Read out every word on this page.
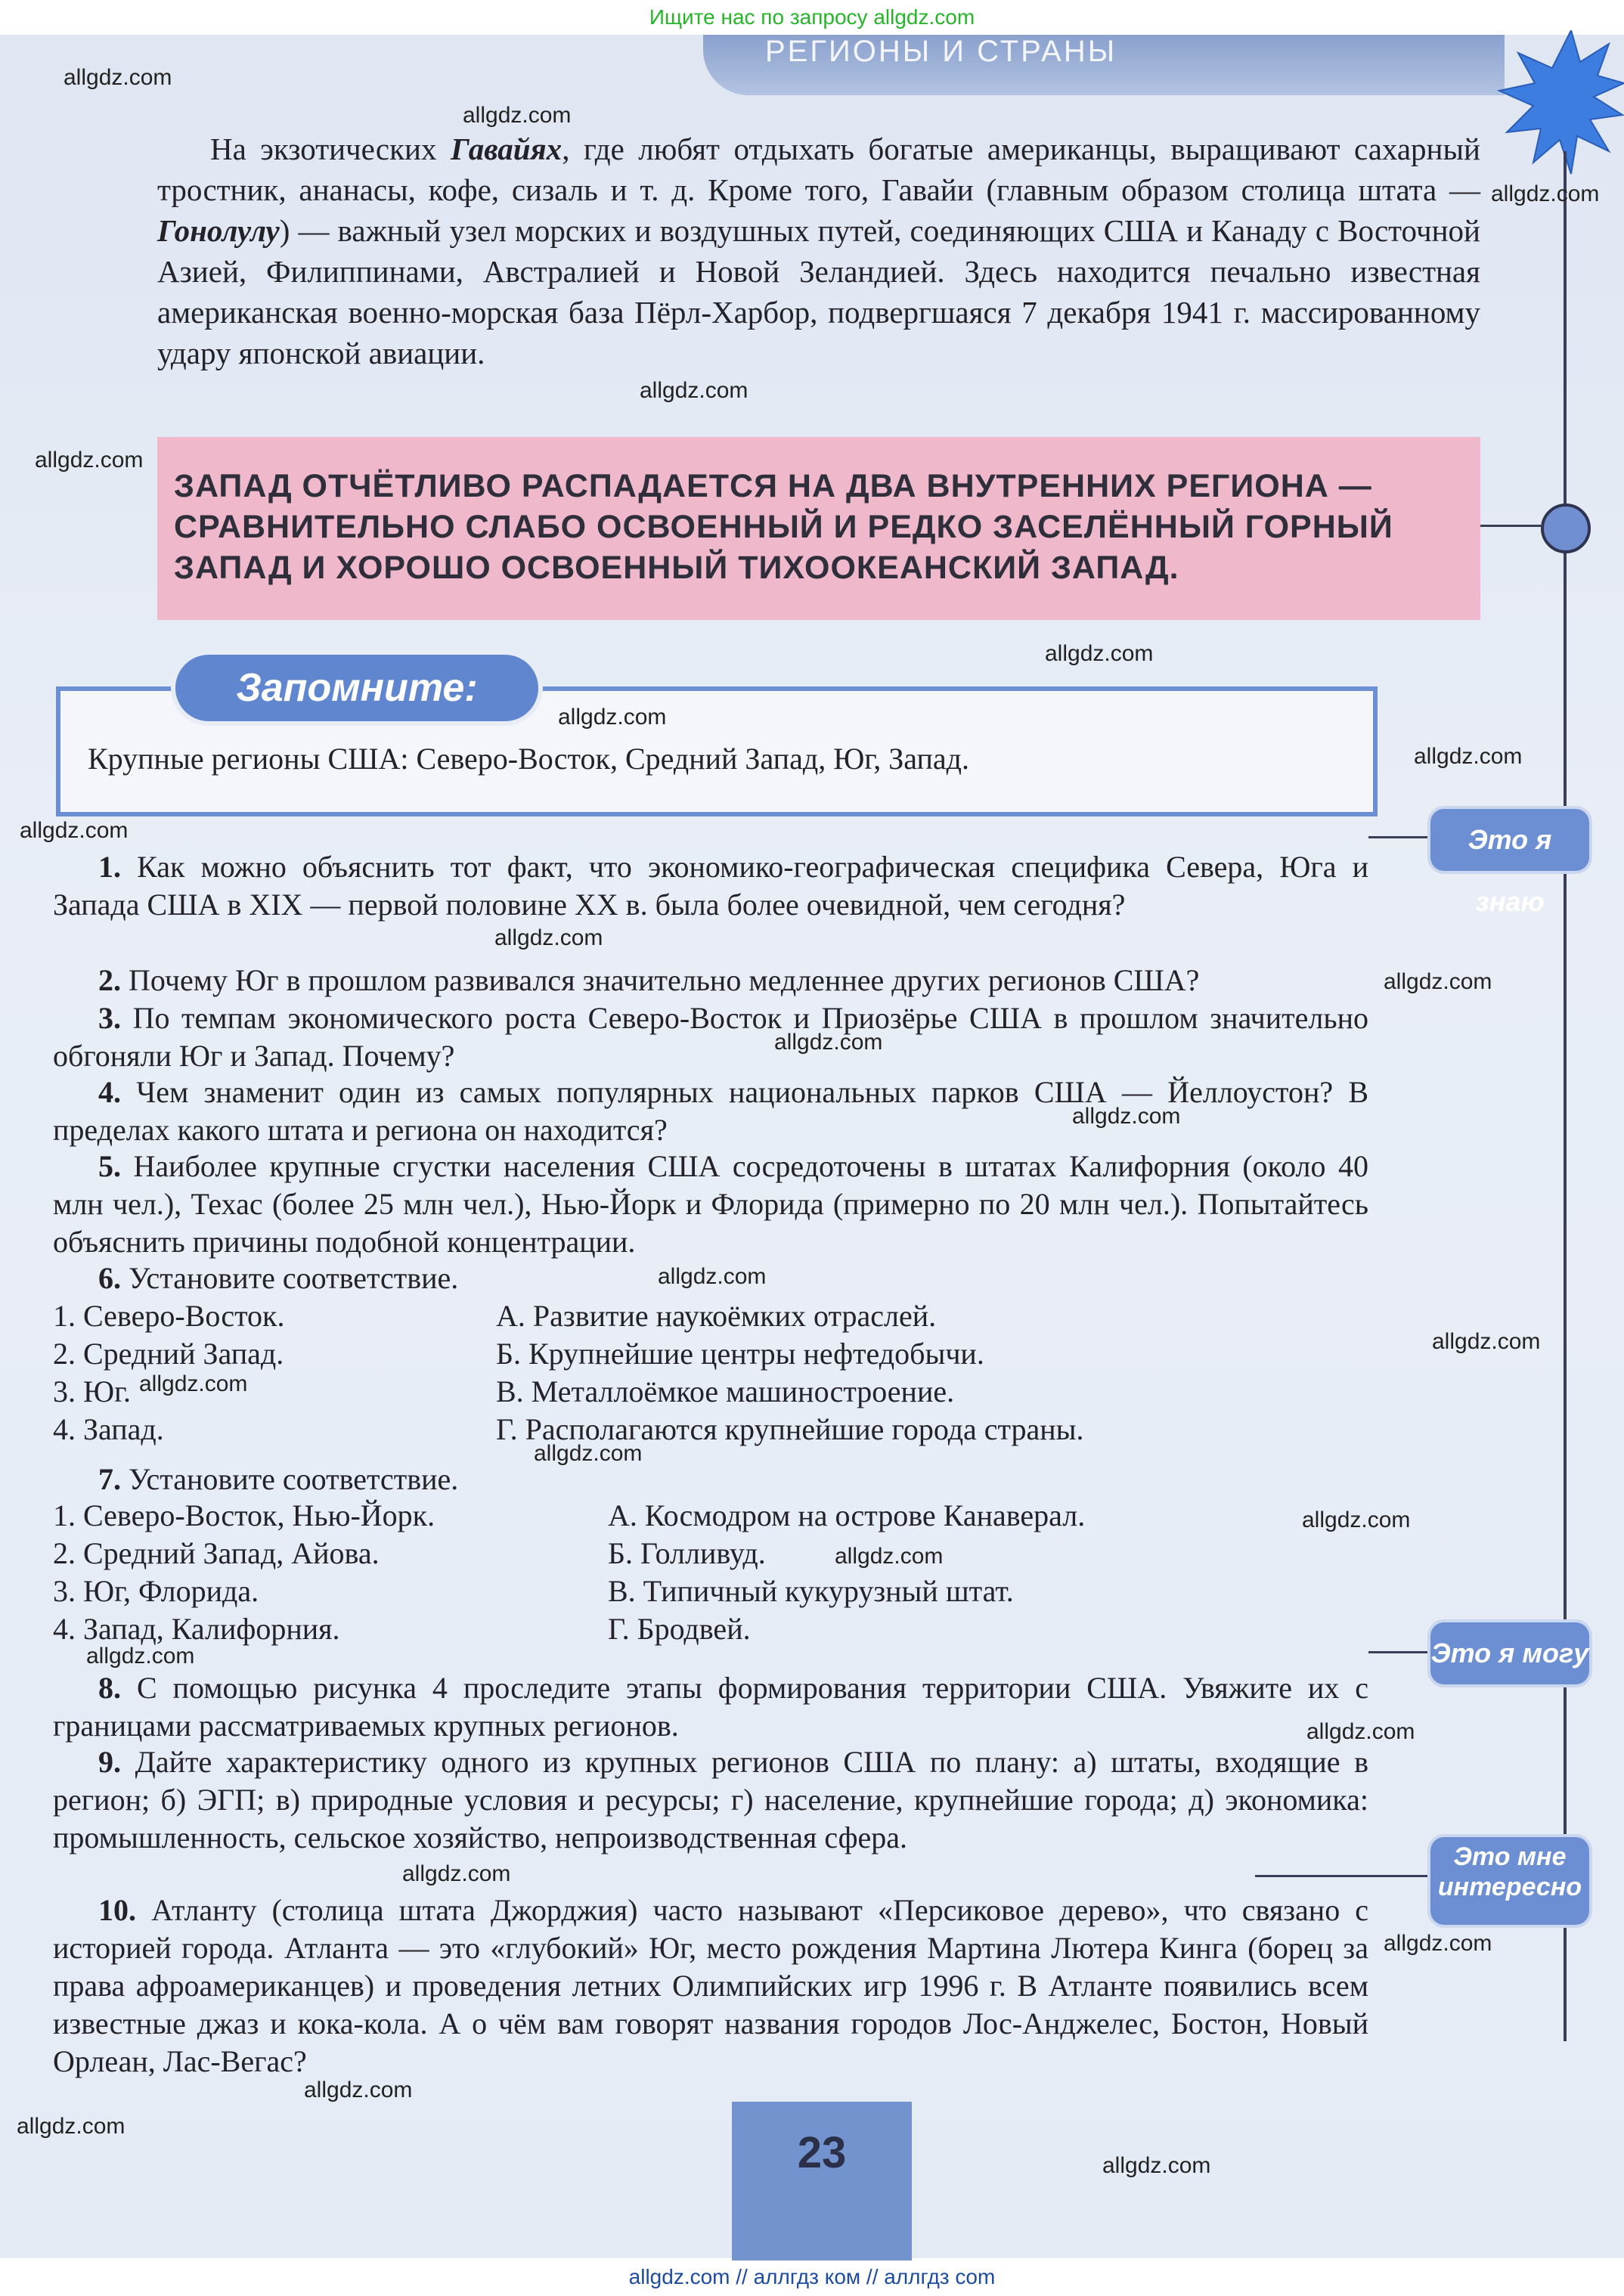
Ищите нас по запросу allgdz.com
allgdz.com // аллгдз ком // аллгдз com
РЕГИОНЫ И СТРАНЫ
Это я знаю
Это я могу
Это мне
интересно
На экзотических Гавайях, где любят отдыхать богатые американцы, выращивают сахарный тростник, ананасы, кофе, сизаль и т. д. Кроме того, Гавайи (главным образом столица штата — Гонолулу) — важный узел морских и воздушных путей, соединяющих США и Канаду с Восточной Азией, Филиппинами, Австралией и Новой Зеландией. Здесь находится печально известная американская военно-морская база Пёрл-Харбор, подвергшаяся 7 декабря 1941 г. массированному удару японской авиации.
ЗАПАД ОТЧЁТЛИВО РАСПАДАЕТСЯ НА ДВА ВНУТРЕННИХ РЕГИОНА — СРАВНИТЕЛЬНО СЛАБО ОСВОЕННЫЙ И РЕДКО ЗАСЕЛЁННЫЙ ГОРНЫЙ ЗАПАД И ХОРОШО ОСВОЕННЫЙ ТИХООКЕАНСКИЙ ЗАПАД.
Крупные регионы США: Северо-Восток, Средний Запад, Юг, Запад.
Запомните:
1. Как можно объяснить тот факт, что экономико-географическая специфика Севера, Юга и Запада США в XIX — первой половине XX в. была более очевидной, чем сегодня?
2. Почему Юг в прошлом развивался значительно медленнее других регионов США?
3. По темпам экономического роста Северо-Восток и Приозёрье США в прошлом значительно обгоняли Юг и Запад. Почему?
4. Чем знаменит один из самых популярных национальных парков США — Йеллоустон? В пределах какого штата и региона он находится?
5. Наиболее крупные сгустки населения США сосредоточены в штатах Калифорния (около 40 млн чел.), Техас (более 25 млн чел.), Нью-Йорк и Флорида (примерно по 20 млн чел.). Попытайтесь объяснить причины подобной концентрации.
6. Установите соответствие.
1. Северо-Восток.
2. Средний Запад.
3. Юг.
4. Запад.
А. Развитие наукоёмких отраслей.
Б. Крупнейшие центры нефтедобычи.
В. Металлоёмкое машиностроение.
Г. Располагаются крупнейшие города страны.
7. Установите соответствие.
1. Северо-Восток, Нью-Йорк.
2. Средний Запад, Айова.
3. Юг, Флорида.
4. Запад, Калифорния.
А. Космодром на острове Канаверал.
Б. Голливуд.
В. Типичный кукурузный штат.
Г. Бродвей.
8. С помощью рисунка 4 проследите этапы формирования территории США. Увяжите их с границами рассматриваемых крупных регионов.
9. Дайте характеристику одного из крупных регионов США по плану: а) штаты, входящие в регион; б) ЭГП; в) природные условия и ресурсы; г) население, крупнейшие города; д) экономика: промышленность, сельское хозяйство, непроизводственная сфера.
10. Атланту (столица штата Джорджия) часто называют «Персиковое дерево», что связано с историей города. Атланта — это «глубокий» Юг, место рождения Мартина Лютера Кинга (борец за права афроамериканцев) и проведения летних Олимпийских игр 1996 г. В Атланте появились всем известные джаз и кока-кола. А о чём вам говорят названия городов Лос-Анджелес, Бостон, Новый Орлеан, Лас-Вегас?
23
allgdz.com
allgdz.com
allgdz.com
allgdz.com
allgdz.com
allgdz.com
allgdz.com
allgdz.com
allgdz.com
allgdz.com
allgdz.com
allgdz.com
allgdz.com
allgdz.com
allgdz.com
allgdz.com
allgdz.com
allgdz.com
allgdz.com
allgdz.com
allgdz.com
allgdz.com
allgdz.com
allgdz.com
allgdz.com
allgdz.com
